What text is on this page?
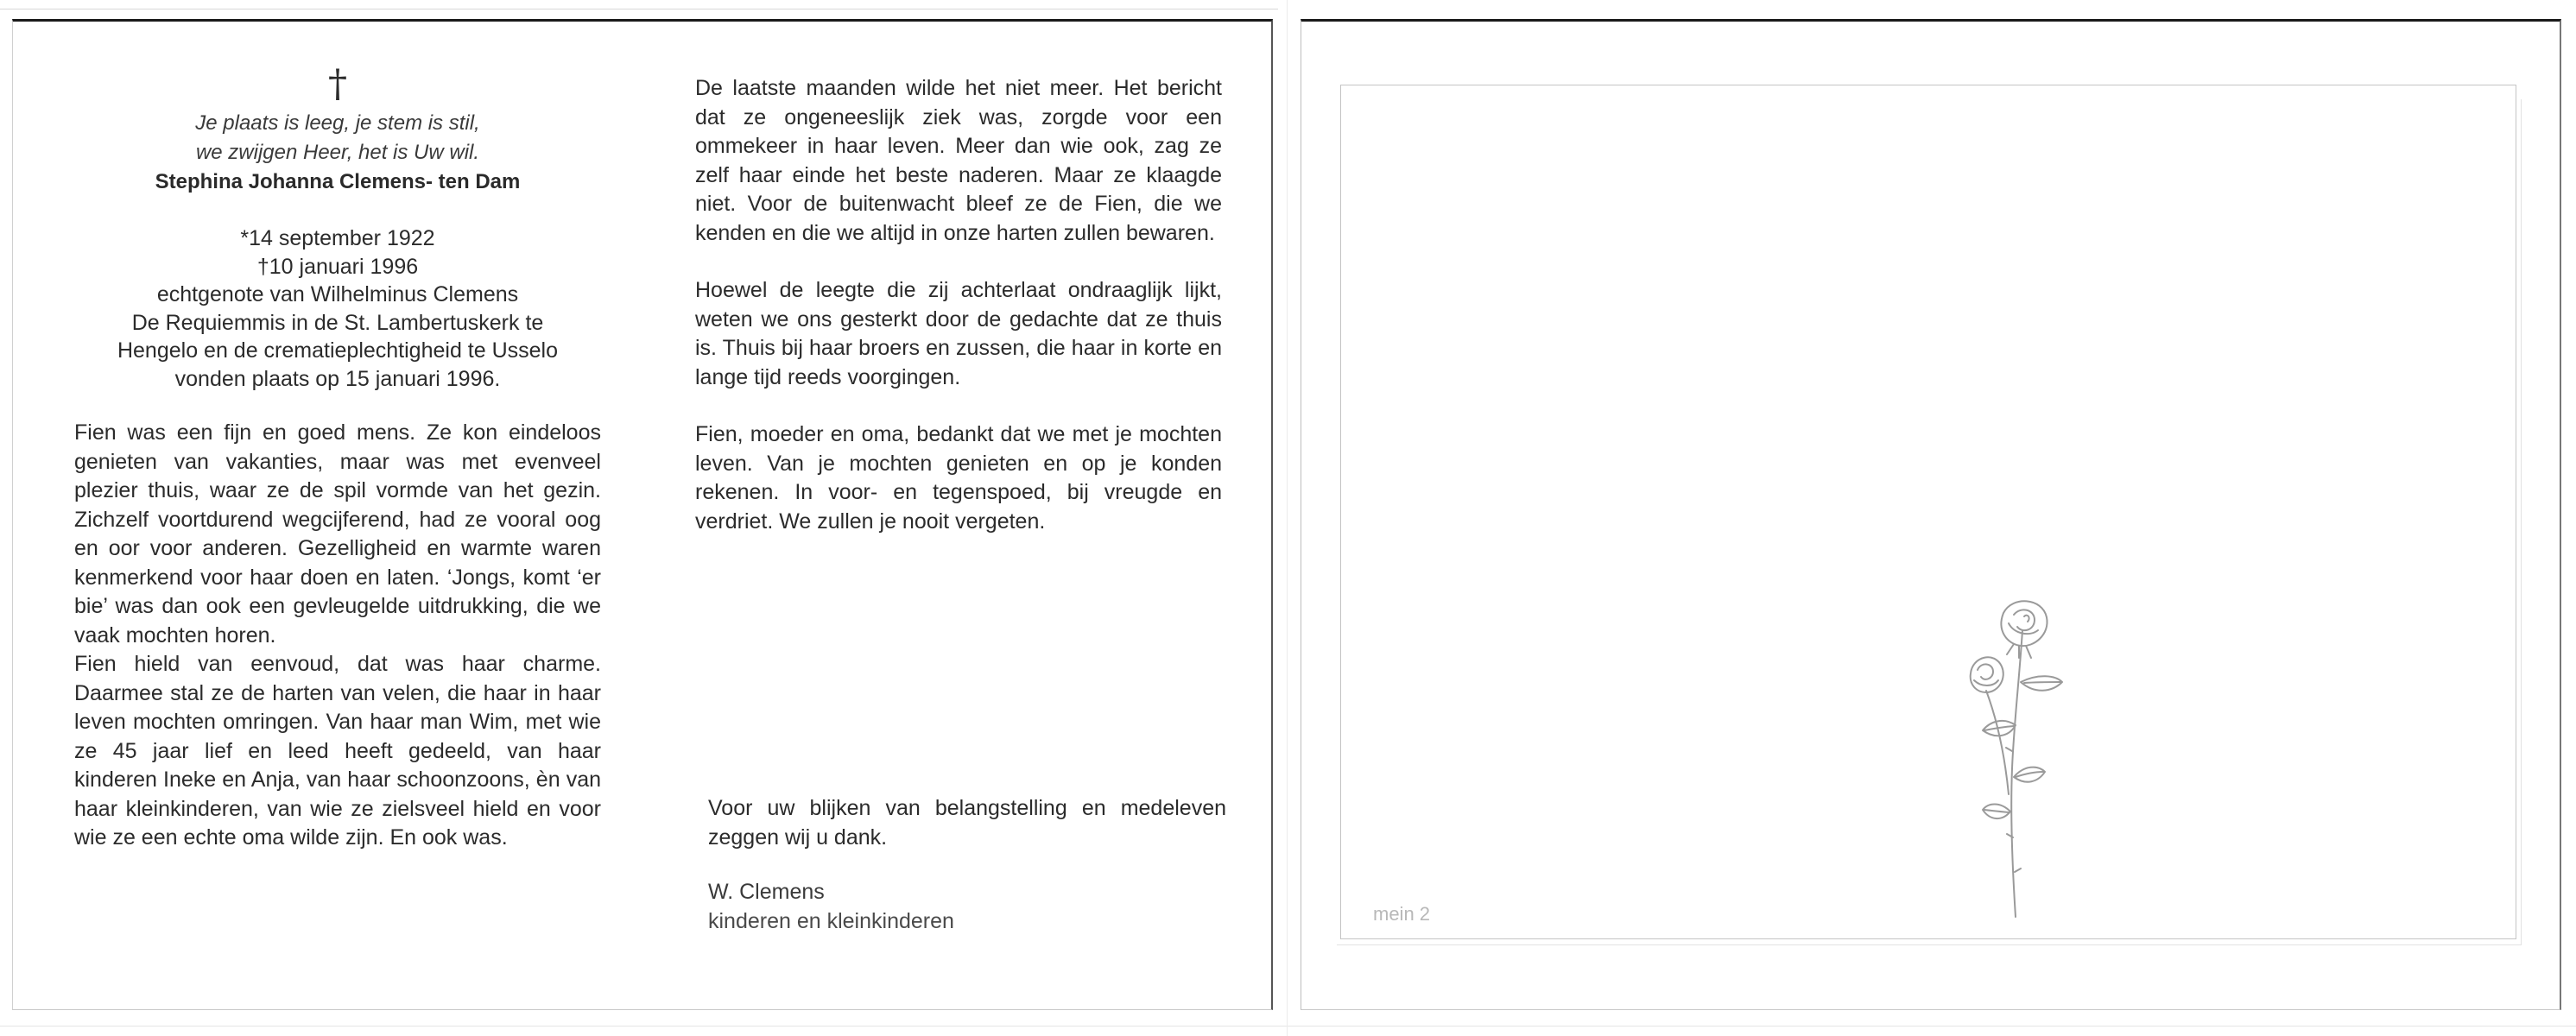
†
Je plaats is leeg, je stem is stil,
we zwijgen Heer, het is Uw wil.
Stephina Johanna Clemens- ten Dam
*14 september 1922
†10 januari 1996
echtgenote van Wilhelminus Clemens
De Requiemmis in de St. Lambertuskerk te
Hengelo en de crematieplechtigheid te Usselo
vonden plaats op 15 januari 1996.

Fien was een fijn en goed mens. Ze kon eindeloos genieten van vakanties, maar was met evenveel plezier thuis, waar ze de spil vormde van het gezin. Zichzelf voortdurend wegcijferend, had ze vooral oog en oor voor anderen. Gezelligheid en warmte waren kenmerkend voor haar doen en laten. ‘Jongs, komt ‘er bie’ was dan ook een gevleugelde uitdrukking, die we vaak mochten horen.

Fien hield van eenvoud, dat was haar charme. Daarmee stal ze de harten van velen, die haar in haar leven mochten omringen. Van haar man Wim, met wie ze 45 jaar lief en leed heeft gedeeld, van haar kinderen Ineke en Anja, van haar schoonzoons, èn van haar kleinkinderen, van wie ze zielsveel hield en voor wie ze een echte oma wilde zijn. En ook was.

De laatste maanden wilde het niet meer. Het bericht dat ze ongeneeslijk ziek was, zorgde voor een ommekeer in haar leven. Meer dan wie ook, zag ze zelf haar einde het beste naderen. Maar ze klaagde niet. Voor de buitenwacht bleef ze de Fien, die we kenden en die we altijd in onze harten zullen bewaren.

Hoewel de leegte die zij achterlaat ondraaglijk lijkt, weten we ons gesterkt door de gedachte dat ze thuis is. Thuis bij haar broers en zussen, die haar in korte en lange tijd reeds voorgingen.

Fien, moeder en oma, bedankt dat we met je mochten leven. Van je mochten genieten en op je konden rekenen. In voor- en tegenspoed, bij vreugde en verdriet. We zullen je nooit vergeten.

Voor uw blijken van belangstelling en medeleven zeggen wij u dank.

W. Clemens
kinderen en kleinkinderen	mein 2
